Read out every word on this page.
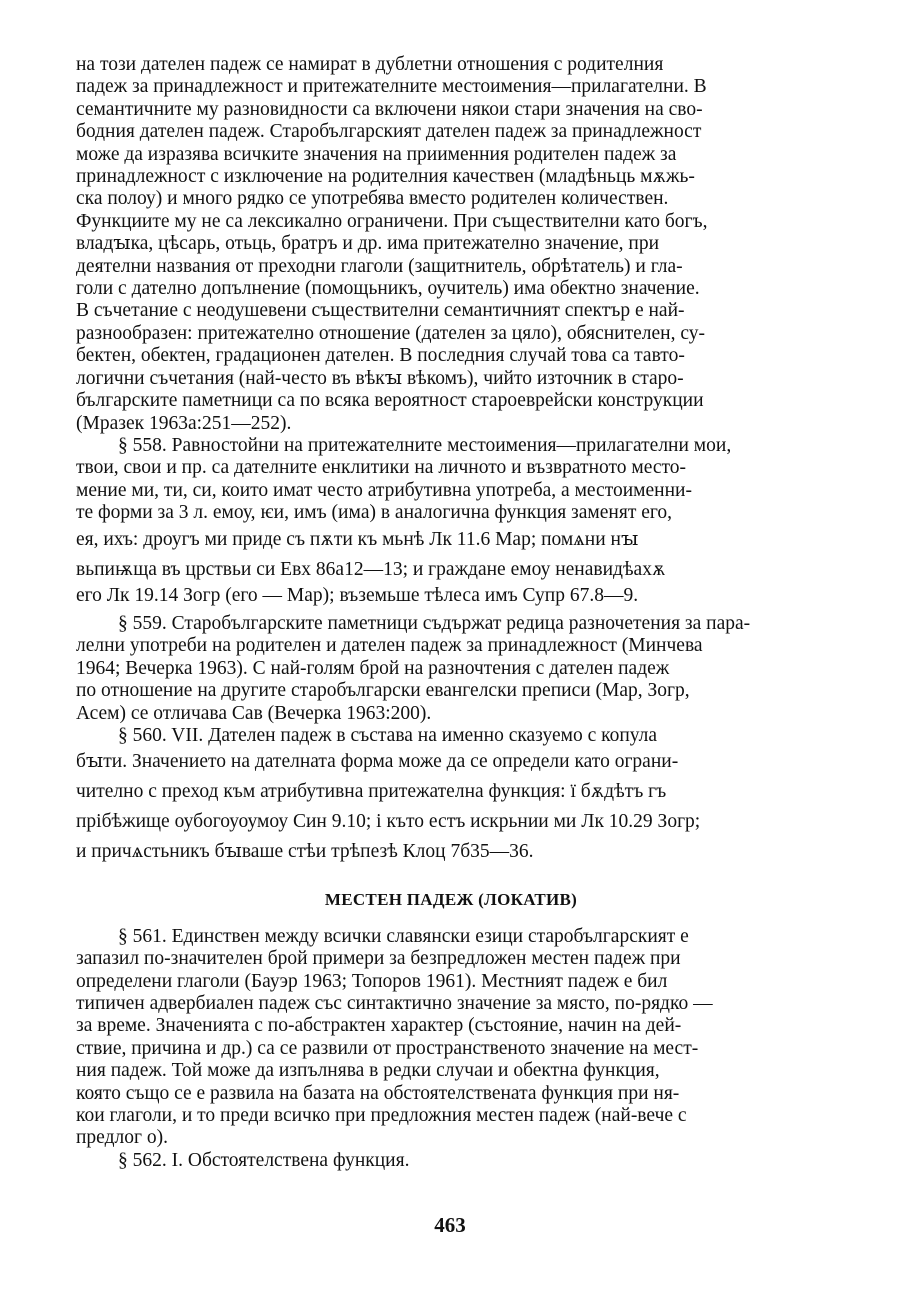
на този дателен падеж се намират в дублетни отношения с родителния
падеж за принадлежност и притежателните местоимения—прилагателни. В
семантичните му разновидности са включени някои стари значения на сво-
бодния дателен падеж. Старобългарският дателен падеж за принадлежност
може да изразява всичките значения на приименния родителен падеж за
принадлежност с изключение на родителния качествен (младѣньць мѫжь-
ска полоу) и много рядко се употребява вместо родителен количествен.
Функциите му не са лексикално ограничени. При съществителни като богъ,
владꙑка, цѣсарь, отьць, братръ и др. има притежателно значение, при
деятелни названия от преходни глаголи (защитнитель, обрѣтатель) и гла-
голи с дателно допълнение (помощьникъ, оучитель) има обектно значение.
В съчетание с неодушевени съществителни семантичният спектър е най-
разнообразен: притежателно отношение (дателен за цяло), обяснителен, су-
бектен, обектен, градационен дателен. В последния случай това са тавто-
логични съчетания (най-често въ вѣкꙑ вѣкомъ), чийто източник в старо-
българските паметници са по всяка вероятност староеврейски конструкции
(Мразек 1963а:251—252).

§ 558. Равностойни на притежателните местоимения—прилагателни мои,
твои, свои и пр. са дателните енклитики на личното и възвратното место-
мение ми, ти, си, които имат често атрибутивна употреба, а местоименни-
те форми за 3 л. емоу, ѥи, имъ (имa) в аналогична функция заменят его,
ея, ихъ: дроугъ ми приде съ пѫти къ мьнѣ Лк 11.6 Мар; помѧни нꙑ
вьпиѭща въ црствьи си Евх 86а12—13; и граждане емоу ненавидѣахѫ
его Лк 19.14 Зогр (его — Мар); въземьше тѣлеса имъ Супр 67.8—9.

§ 559. Старобългарските паметници съдържат редица разночетения за пара-
лелни употреби на родителен и дателен падеж за принадлежност (Минчева
1964; Вечерка 1963). С най-голям брой на разночтения с дателен падеж
по отношение на другите старобългарски евангелски преписи (Мар, Зогр,
Асем) се отличава Сав (Вечерка 1963:200).

§ 560. VII. Дателен падеж в състава на именно сказуемо с копула
бꙑти. Значението на дателната форма може да се определи като ограни-
чително с преход към атрибутивна притежателна функция: ї бѫдѣтъ гъ
прібѣжище оубогоуоумоу Син 9.10; і къто естъ искрьнии ми Лк 10.29 Зогр;
и причѧстьникъ бꙑваше стѣи трѣпезѣ Клоц 7б35—36.

МЕСТЕН ПАДЕЖ (ЛОКАТИВ)

§ 561. Единствен между всички славянски езици старобългарският е
запазил по-значителен брой примери за безпредложен местен падеж при
определени глаголи (Бауэр 1963; Топоров 1961). Местният падеж е бил
типичен адвербиален падеж със синтактично значение за място, по-рядко —
за време. Значенията с по-абстрактен характер (състояние, начин на дей-
ствие, причина и др.) са се развили от пространственото значение на мест-
ния падеж. Той може да изпълнява в редки случаи и обектна функция,
която също се е развила на базата на обстоятелствената функция при ня-
кои глаголи, и то преди всичко при предложния местен падеж (най-вече с
предлог о).

§ 562. I. Обстоятелствена функция.

463
